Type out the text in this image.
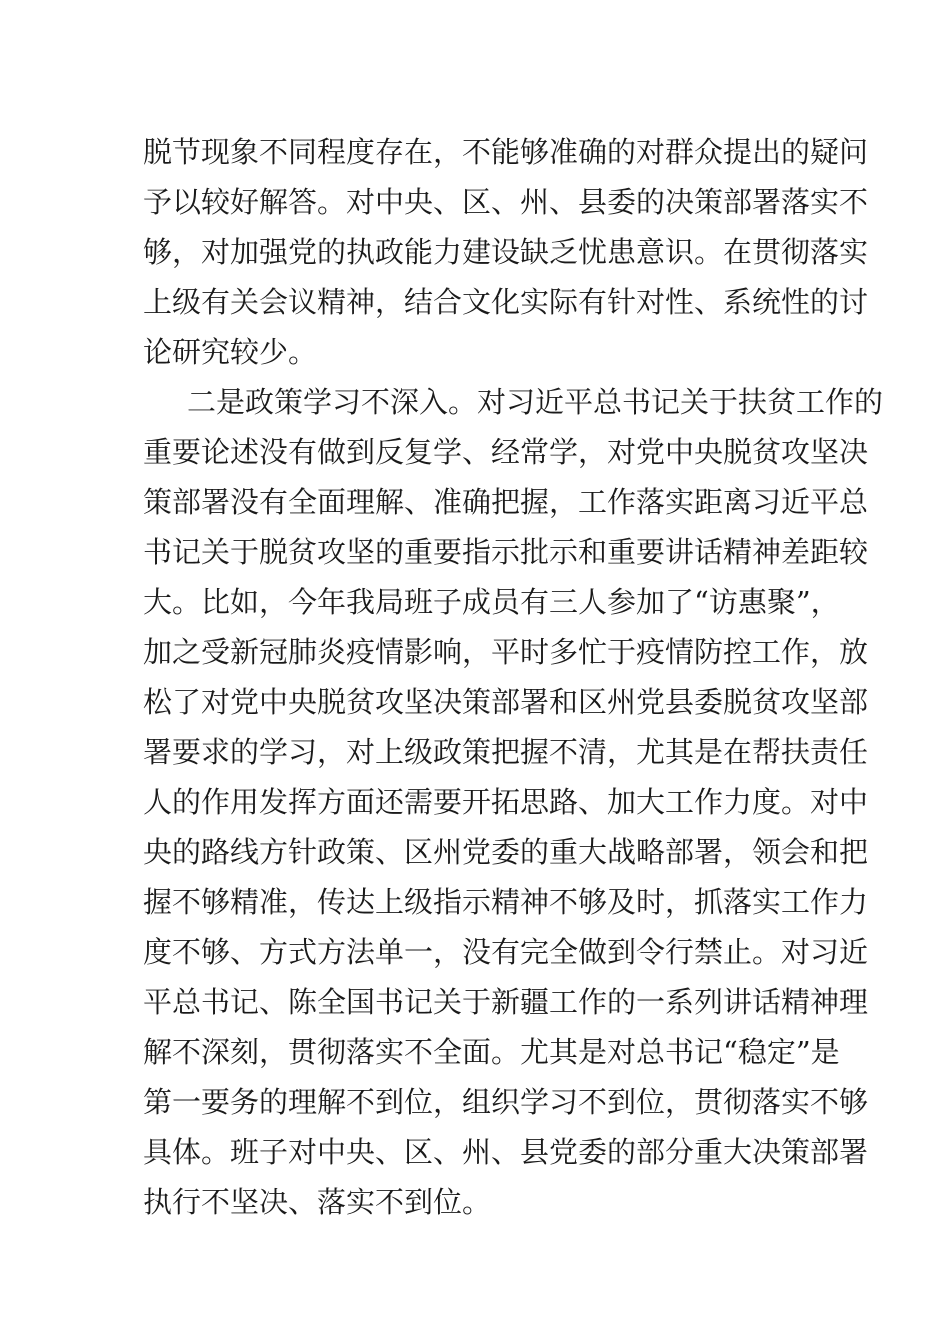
脱节现象不同程度存在，不能够准确的对群众提出的疑问
予以较好解答。对中央、区、州、县委的决策部署落实不
够，对加强党的执政能力建设缺乏忧患意识。在贯彻落实
上级有关会议精神，结合文化实际有针对性、系统性的讨
论研究较少。
二是政策学习不深入。对习近平总书记关于扶贫工作的
重要论述没有做到反复学、经常学，对党中央脱贫攻坚决
策部署没有全面理解、准确把握，工作落实距离习近平总
书记关于脱贫攻坚的重要指示批示和重要讲话精神差距较
大。比如，今年我局班子成员有三人参加了“访惠聚”，
加之受新冠肺炎疫情影响，平时多忙于疫情防控工作，放
松了对党中央脱贫攻坚决策部署和区州党县委脱贫攻坚部
署要求的学习，对上级政策把握不清，尤其是在帮扶责任
人的作用发挥方面还需要开拓思路、加大工作力度。对中
央的路线方针政策、区州党委的重大战略部署，领会和把
握不够精准，传达上级指示精神不够及时，抓落实工作力
度不够、方式方法单一，没有完全做到令行禁止。对习近
平总书记、陈全国书记关于新疆工作的一系列讲话精神理
解不深刻，贯彻落实不全面。尤其是对总书记“稳定”是
第一要务的理解不到位，组织学习不到位，贯彻落实不够
具体。班子对中央、区、州、县党委的部分重大决策部署
执行不坚决、落实不到位。
